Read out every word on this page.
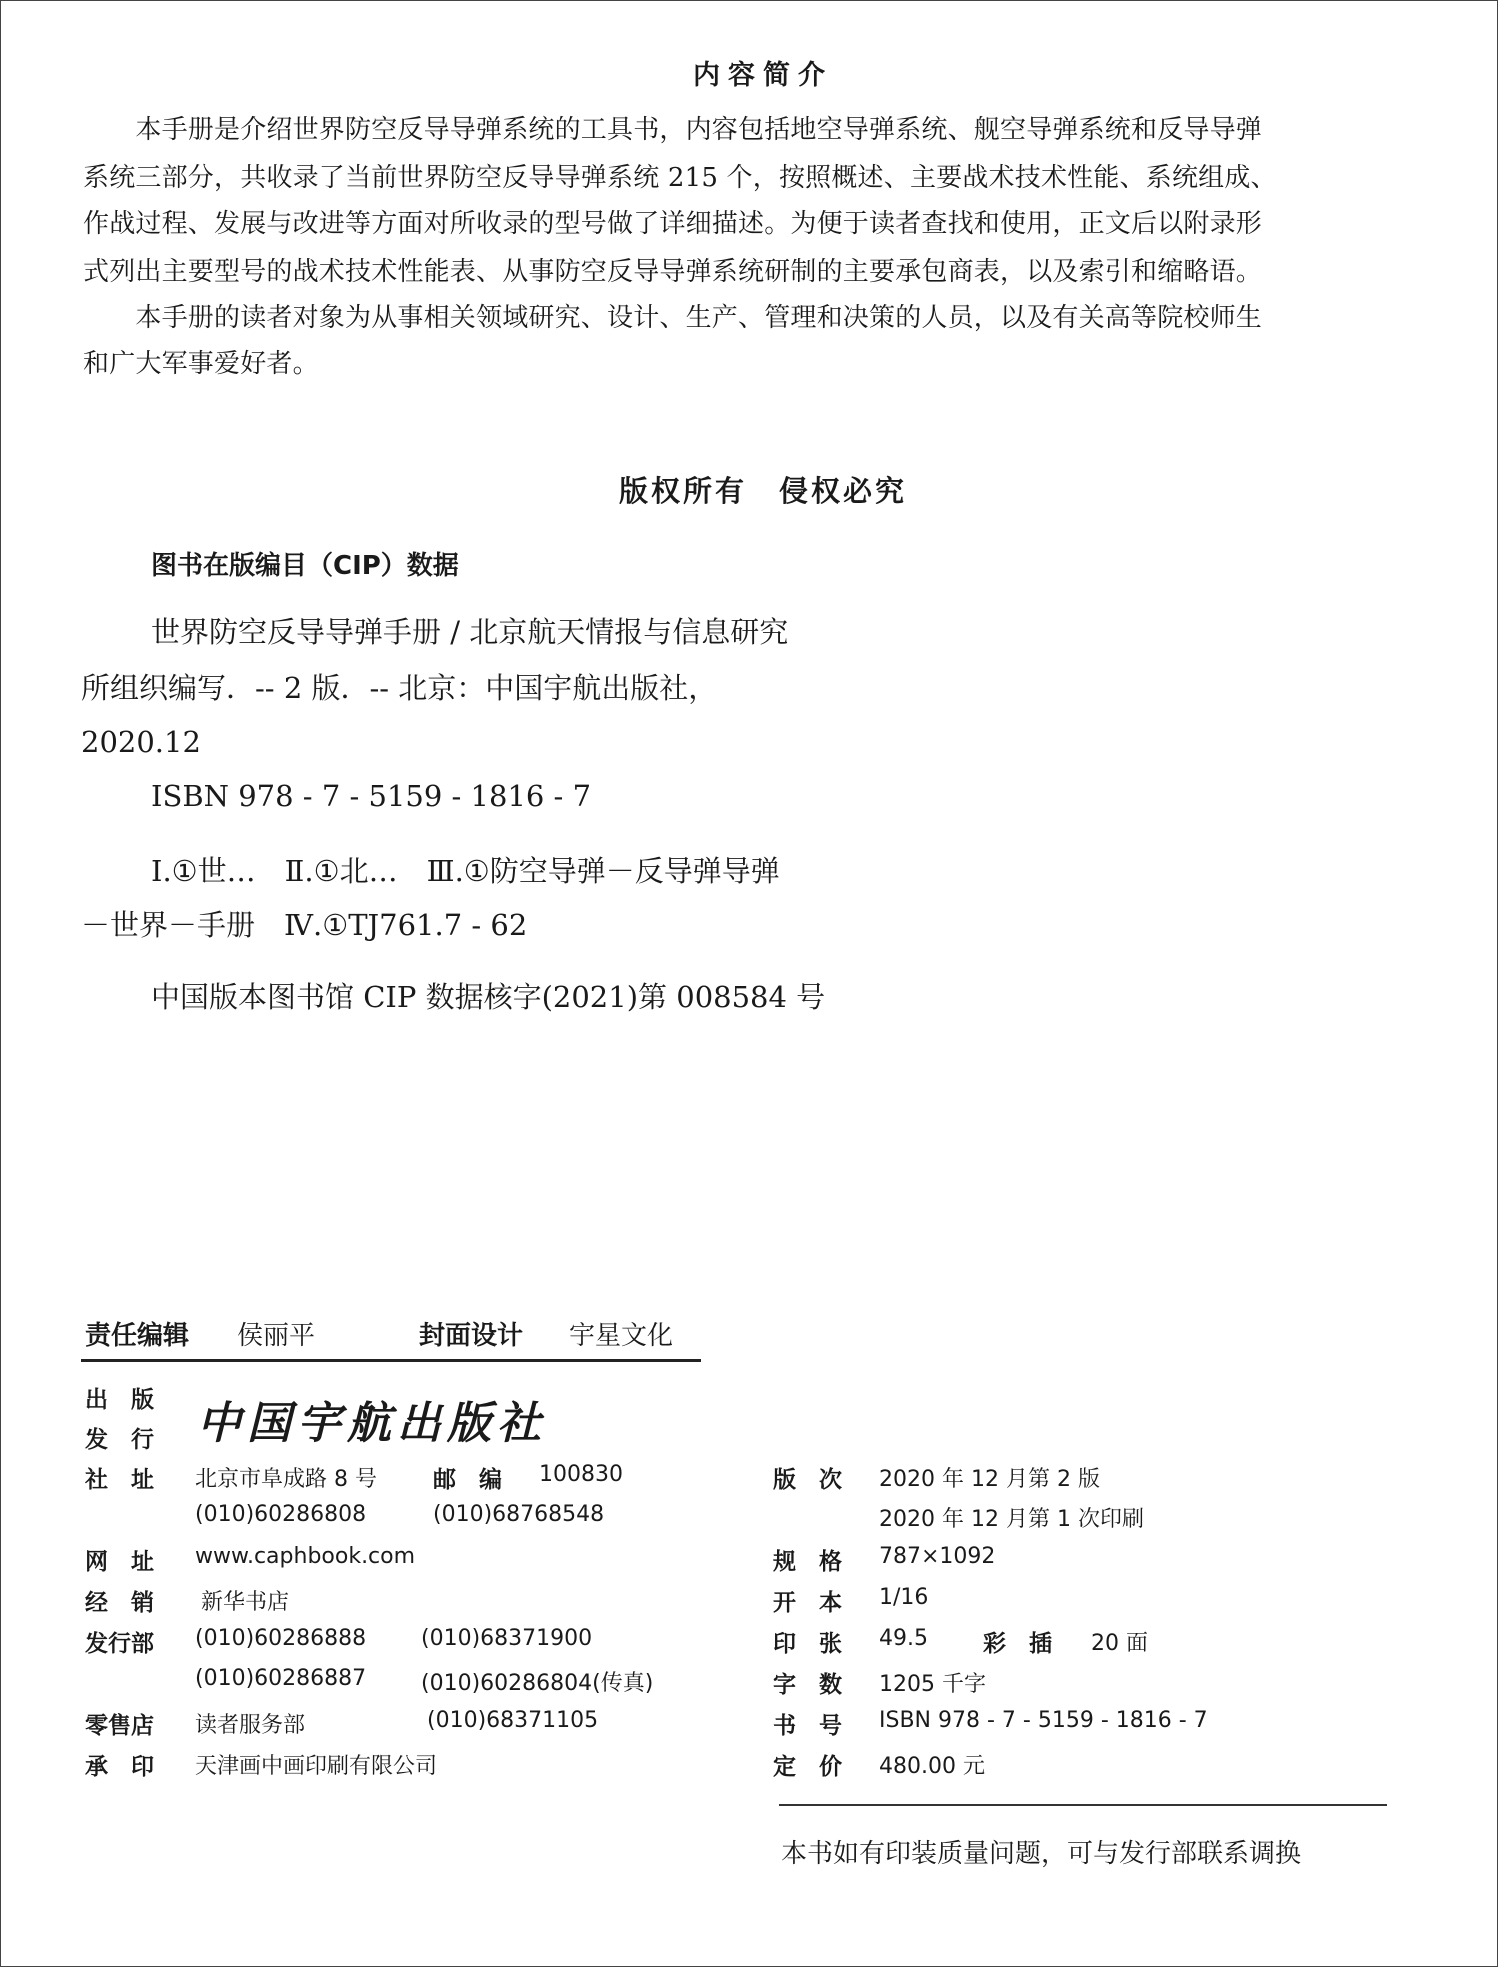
内容简介
　　本手册是介绍世界防空反导导弹系统的工具书，内容包括地空导弹系统、舰空导弹系统和反导导弹
系统三部分，共收录了当前世界防空反导导弹系统 215 个，按照概述、主要战术技术性能、系统组成、
作战过程、发展与改进等方面对所收录的型号做了详细描述。为便于读者查找和使用，正文后以附录形
式列出主要型号的战术技术性能表、从事防空反导导弹系统研制的主要承包商表，以及索引和缩略语。
　　本手册的读者对象为从事相关领域研究、设计、生产、管理和决策的人员，以及有关高等院校师生
和广大军事爱好者。
版权所有　侵权必究
图书在版编目（CIP）数据
世界防空反导导弹手册 / 北京航天情报与信息研究
所组织编写．-- 2 版．-- 北京：中国宇航出版社，
2020.12
ISBN 978 - 7 - 5159 - 1816 - 7
Ⅰ.①世…　Ⅱ.①北…　Ⅲ.①防空导弹－反导弹导弹
－世界－手册　Ⅳ.①TJ761.7 - 62
中国版本图书馆 CIP 数据核字(2021)第 008584 号
责任编辑 侯丽平	封面设计 宇星文化
出　版
发　行 中国宇航出版社
社　址 北京市阜成路 8 号 邮　编 100830
(010)60286808	(010)68768548
网　址 www.caphbook.com
经　销 新华书店
发行部 (010)60286888 (010)68371900
(010)60286887 (010)60286804(传真)
零售店 读者服务部	(010)68371105
承　印 天津画中画印刷有限公司
版　次 2020 年 12 月第 2 版
2020 年 12 月第 1 次印刷
规　格 787×1092
开　本 1/16
印　张 49.5 彩　插 20 面
字　数 1205 千字
书　号 ISBN 978 - 7 - 5159 - 1816 - 7
定　价 480.00 元
本书如有印装质量问题，可与发行部联系调换
